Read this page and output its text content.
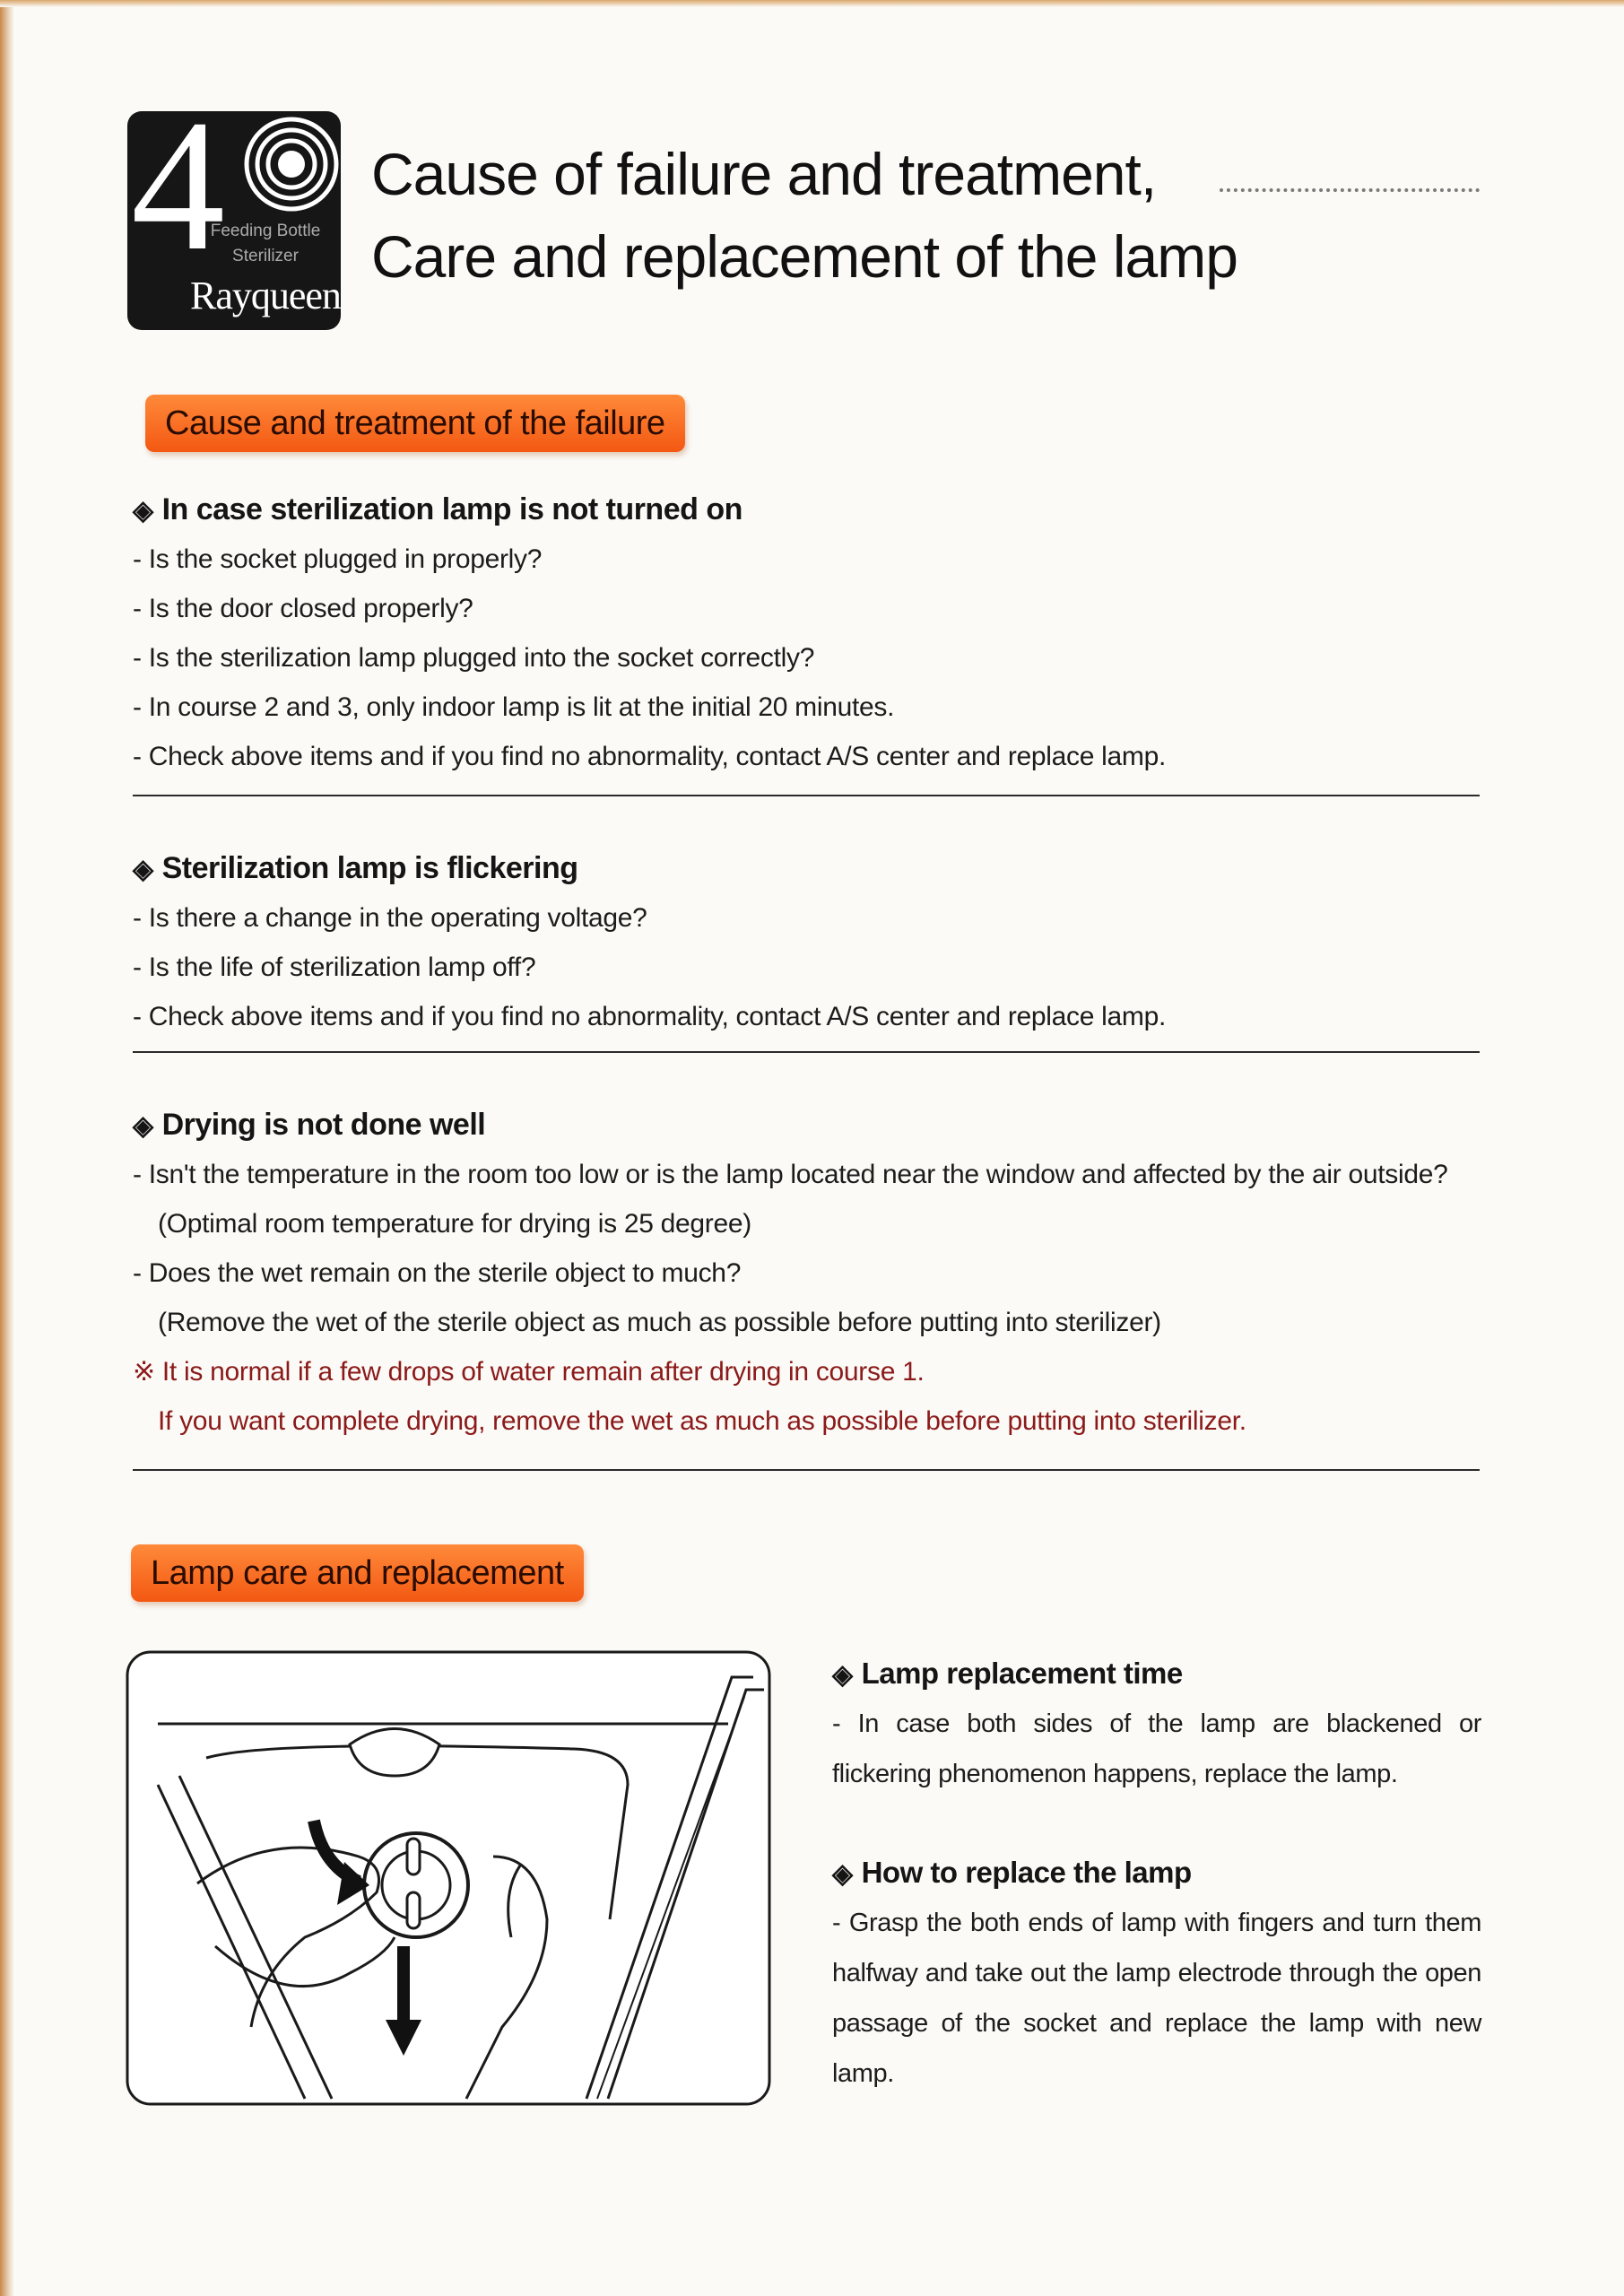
4
Feeding Bottle
Sterilizer
Rayqueen
Cause of failure and treatment,
Care and replacement of the lamp
Cause and treatment of the failure
◈ In case sterilization lamp is not turned on
- Is the socket plugged in properly?
- Is the door closed properly?
- Is the sterilization lamp plugged into the socket correctly?
- In course 2 and 3, only indoor lamp is lit at the initial 20 minutes.
- Check above items and if you find no abnormality, contact A/S center and replace lamp.
◈ Sterilization lamp is flickering
- Is there a change in the operating voltage?
- Is the life of sterilization lamp off?
- Check above items and if you find no abnormality, contact A/S center and replace lamp.
◈ Drying is not done well
- Isn't the temperature in the room too low or is the lamp located near the window and affected by the air outside?
(Optimal room temperature for drying is 25 degree)
- Does the wet remain on the sterile object to much?
(Remove the wet of the sterile object as much as possible before putting into sterilizer)
※ It is normal if a few drops of water remain after drying in course 1.
If you want complete drying, remove the wet as much as possible before putting into sterilizer.
Lamp care and replacement
◈ Lamp replacement time
- In case both sides of the lamp are blackened or flickering phenomenon happens, replace the lamp.
◈ How to replace the lamp
- Grasp the both ends of lamp with fingers and turn them halfway and take out the lamp electrode through the open passage of the socket and replace the lamp with new lamp.
